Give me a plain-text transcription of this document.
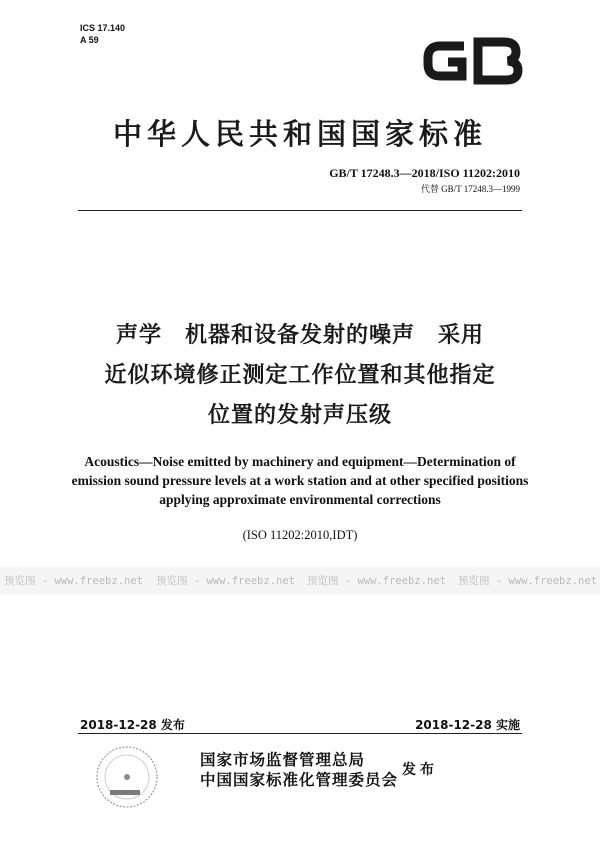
ICS 17.140
A 59
中华人民共和国国家标准
GB/T 17248.3—2018/ISO 11202:2010
代替 GB/T 17248.3—1999
声学　机器和设备发射的噪声　采用
近似环境修正测定工作位置和其他指定
位置的发射声压级
Acoustics—Noise emitted by machinery and equipment—Determination of
emission sound pressure levels at a work station and at other specified positions
applying approximate environmental corrections
(ISO 11202:2010,IDT)
预览图 - www.freebz.net 预览图 - www.freebz.net 预览图 - www.freebz.net 预览图 - www.freebz.net
2018-12-28 发布	2018-12-28 实施
国家市场监督管理总局
中国国家标准化管理委员会 发布
